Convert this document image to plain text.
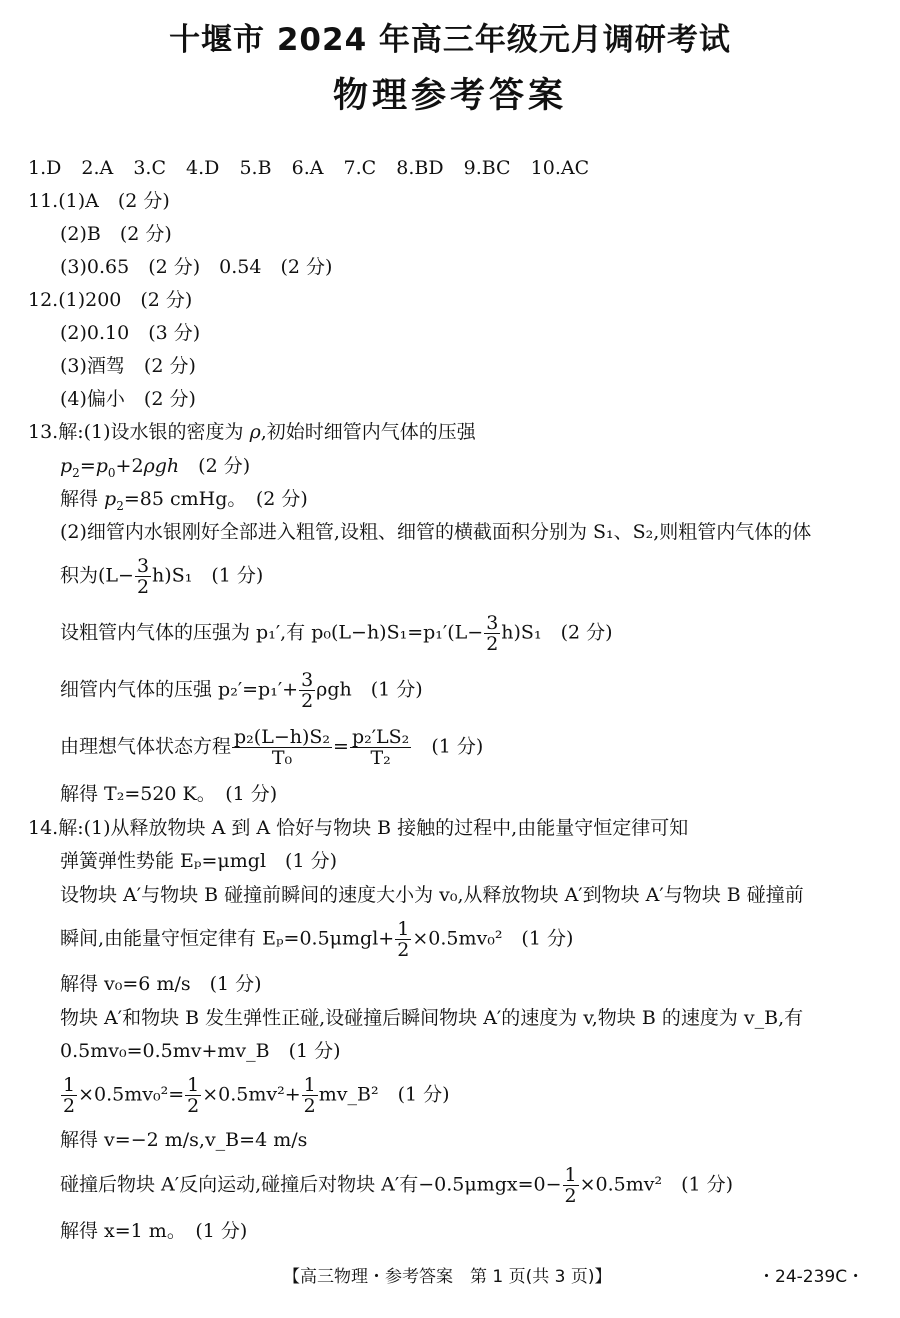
十堰市 2024 年高三年级元月调研考试
物理参考答案
1.D 2.A 3.C 4.D 5.B 6.A 7.C 8.BD 9.BC 10.AC
11.(1)A　(2 分)
(2)B　(2 分)
(3)0.65　(2 分)　0.54　(2 分)
12.(1)200　(2 分)
(2)0.10　(3 分)
(3)酒驾　(2 分)
(4)偏小　(2 分)
13.解:(1)设水银的密度为 ρ,初始时细管内气体的压强
$p_2=p_0+2\rho gh$　 (2 分)
解得 $p_2=85$ cmHg。　(2 分)
(2)细管内水银刚好全部进入粗管,设粗、细管的横截面积分别为 S₁、S₂,则粗管内气体的体
积为$(L- \frac{3}{2} h)S_1$　(1 分)
设粗管内气体的压强为 p₁′,有 $p_0(L-h)S_1=p_1'(L- \frac{3}{2} h)S_1$　(2 分)
细管内气体的压强 $p_2'=p_1'+ \frac{3}{2}$ ρgh　(1 分)
由理想气体状态方程 $\frac{\text{p₂(L−h)S₂}}{\text{T₀}} = \frac{\text{p₂′LS₂}}{\text{T₂}}$
　 (1 分)
解得 T₂=520 K。　(1 分)
14.解:(1)从释放物块 A 到 A 恰好与物块 B 接触的过程中,由能量守恒定律可知
弹簧弹性势能 Eₚ=μmgl　(1 分)
设物块 A′与物块 B 碰撞前瞬间的速度大小为 v₀,从释放物块 A′到物块 A′与物块 B 碰撞前
瞬间,由能量守恒定律有 $E_p=0.5\mu mgl+ \frac{1}{2} \times 0.5mv_0^2$　(1 分)
解得 v₀=6 m/s　(1 分)
物块 A′和物块 B 发生弹性正碰,设碰撞后瞬间物块 A′的速度为 v,物块 B 的速度为 v_B,有
0.5mv₀=0.5mv+mv_B　(1 分)
$\frac{1}{2} \times 0.5mv_0^2= \frac{1}{2} \times 0.5mv^2+ \frac{1}{2}$ mv_B²　(1 分)
解得 v=−2 m/s,v_B=4 m/s
碰撞后物块 A′反向运动,碰撞后对物块 A′有$-0.5\mu mgx=0- \frac{1}{2} \times 0.5mv^2$　(1 分)
解得 x=1 m。　(1 分)
【高三物理・参考答案　第 1 页(共 3 页)】	・24-239C・
